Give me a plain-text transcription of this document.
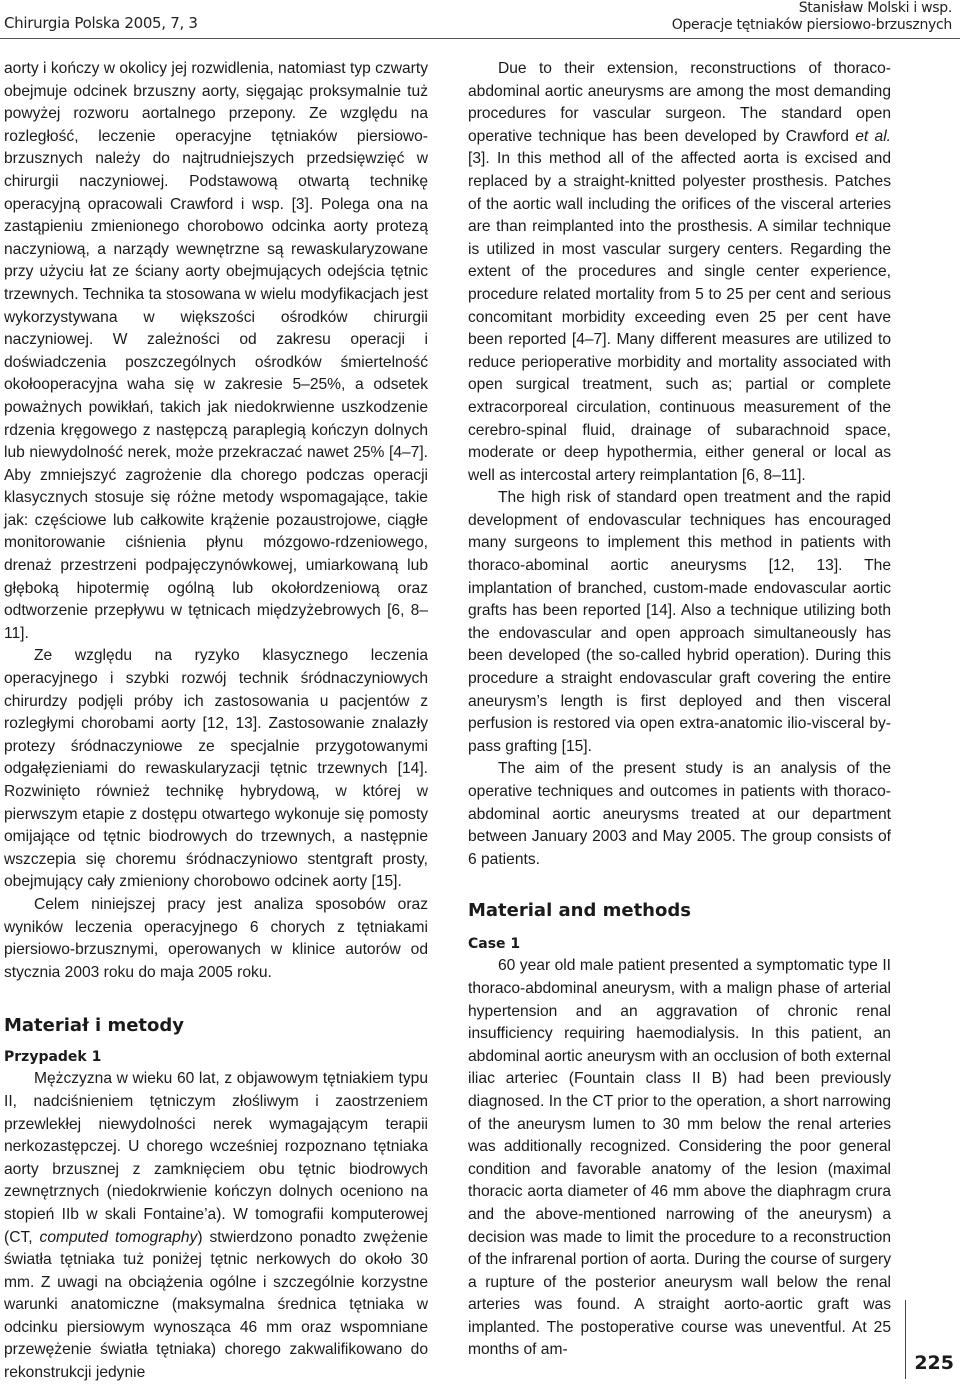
Chirurgia Polska 2005, 7, 3
Stanisław Molski i wsp.
Operacje tętniaków piersiowo-brzusznych

aorty i kończy w okolicy jej rozwidlenia, natomiast typ czwarty obejmuje odcinek brzuszny aorty, sięgając proksymalnie tuż powyżej rozworu aortalnego przepony. Ze względu na rozległość, leczenie operacyjne tętniaków piersiowo-brzusznych należy do najtrudniejszych przedsięwzięć w chirurgii naczyniowej. Podstawową otwartą technikę operacyjną opracowali Crawford i wsp. [3]. Polega ona na zastąpieniu zmienionego chorobowo odcinka aorty protezą naczyniową, a narządy wewnętrzne są rewaskularyzowane przy użyciu łat ze ściany aorty obejmujących odejścia tętnic trzewnych. Technika ta stosowana w wielu modyfikacjach jest wykorzystywana w większości ośrodków chirurgii naczyniowej. W zależności od zakresu operacji i doświadczenia poszczególnych ośrodków śmiertelność okołooperacyjna waha się w zakresie 5–25%, a odsetek poważnych powikłań, takich jak niedokrwienne uszkodzenie rdzenia kręgowego z następczą paraplegią kończyn dolnych lub niewydolność nerek, może przekraczać nawet 25% [4–7]. Aby zmniejszyć zagrożenie dla chorego podczas operacji klasycznych stosuje się różne metody wspomagające, takie jak: częściowe lub całkowite krążenie pozaustrojowe, ciągłe monitorowanie ciśnienia płynu mózgowo-rdzeniowego, drenaż przestrzeni podpajęczynówkowej, umiarkowaną lub głęboką hipotermię ogólną lub okołordzeniową oraz odtworzenie przepływu w tętnicach międzyżebrowych [6, 8–11].

Ze względu na ryzyko klasycznego leczenia operacyjnego i szybki rozwój technik śródnaczyniowych chirurdzy podjęli próby ich zastosowania u pacjentów z rozległymi chorobami aorty [12, 13]. Zastosowanie znalazły protezy śródnaczyniowe ze specjalnie przygotowanymi odgałęzieniami do rewaskularyzacji tętnic trzewnych [14]. Rozwinięto również technikę hybrydową, w której w pierwszym etapie z dostępu otwartego wykonuje się pomosty omijające od tętnic biodrowych do trzewnych, a następnie wszczepia się choremu śródnaczyniowo stentgraft prosty, obejmujący cały zmieniony chorobowo odcinek aorty [15].

Celem niniejszej pracy jest analiza sposobów oraz wyników leczenia operacyjnego 6 chorych z tętniakami piersiowo-brzusznymi, operowanych w klinice autorów od stycznia 2003 roku do maja 2005 roku.

Materiał i metody
Przypadek 1

Mężczyzna w wieku 60 lat, z objawowym tętniakiem typu II, nadciśnieniem tętniczym złośliwym i zaostrzeniem przewlekłej niewydolności nerek wymagającym terapii nerkozastępczej. U chorego wcześniej rozpoznano tętniaka aorty brzusznej z zamknięciem obu tętnic biodrowych zewnętrznych (niedokrwienie kończyn dolnych oceniono na stopień IIb w skali Fontaine’a). W tomografii komputerowej (CT, computed tomography) stwierdzono ponadto zwężenie światła tętniaka tuż poniżej tętnic nerkowych do około 30 mm. Z uwagi na obciążenia ogólne i szczególnie korzystne warunki anatomiczne (maksymalna średnica tętniaka w odcinku piersiowym wynosząca 46 mm oraz wspomniane przewężenie światła tętniaka) chorego zakwalifikowano do rekonstrukcji jedynie

Due to their extension, reconstructions of thoraco-abdominal aortic aneurysms are among the most demanding procedures for vascular surgeon. The standard open operative technique has been developed by Crawford et al. [3]. In this method all of the affected aorta is excised and replaced by a straight-knitted polyester prosthesis. Patches of the aortic wall including the orifices of the visceral arteries are than reimplanted into the prosthesis. A similar technique is utilized in most vascular surgery centers. Regarding the extent of the procedures and single center experience, procedure related mortality from 5 to 25 per cent and serious concomitant morbidity exceeding even 25 per cent have been reported [4–7]. Many different measures are utilized to reduce perioperative morbidity and mortality associated with open surgical treatment, such as; partial or complete extracorporeal circulation, continuous measurement of the cerebro-spinal fluid, drainage of subarachnoid space, moderate or deep hypothermia, either general or local as well as intercostal artery reimplantation [6, 8–11].

The high risk of standard open treatment and the rapid development of endovascular techniques has encouraged many surgeons to implement this method in patients with thoraco-abominal aortic aneurysms [12, 13]. The implantation of branched, custom-made endovascular aortic grafts has been reported [14]. Also a technique utilizing both the endovascular and open approach simultaneously has been developed (the so-called hybrid operation). During this procedure a straight endovascular graft covering the entire aneurysm’s length is first deployed and then visceral perfusion is restored via open extra-anatomic ilio-visceral by-pass grafting [15].

The aim of the present study is an analysis of the operative techniques and outcomes in patients with thoraco-abdominal aortic aneurysms treated at our department between January 2003 and May 2005. The group consists of 6 patients.

Material and methods
Case 1

60 year old male patient presented a symptomatic type II thoraco-abdominal aneurysm, with a malign phase of arterial hypertension and an aggravation of chronic renal insufficiency requiring haemodialysis. In this patient, an abdominal aortic aneurysm with an occlusion of both external iliac arteriec (Fountain class II B) had been previously diagnosed. In the CT prior to the operation, a short narrowing of the aneurysm lumen to 30 mm below the renal arteries was additionally recognized. Considering the poor general condition and favorable anatomy of the lesion (maximal thoracic aorta diameter of 46 mm above the diaphragm crura and the above-mentioned narrowing of the aneurysm) a decision was made to limit the procedure to a reconstruction of the infrarenal portion of aorta. During the course of surgery a rupture of the posterior aneurysm wall below the renal arteries was found. A straight aorto-aortic graft was implanted. The postoperative course was uneventful. At 25 months of am-

225
